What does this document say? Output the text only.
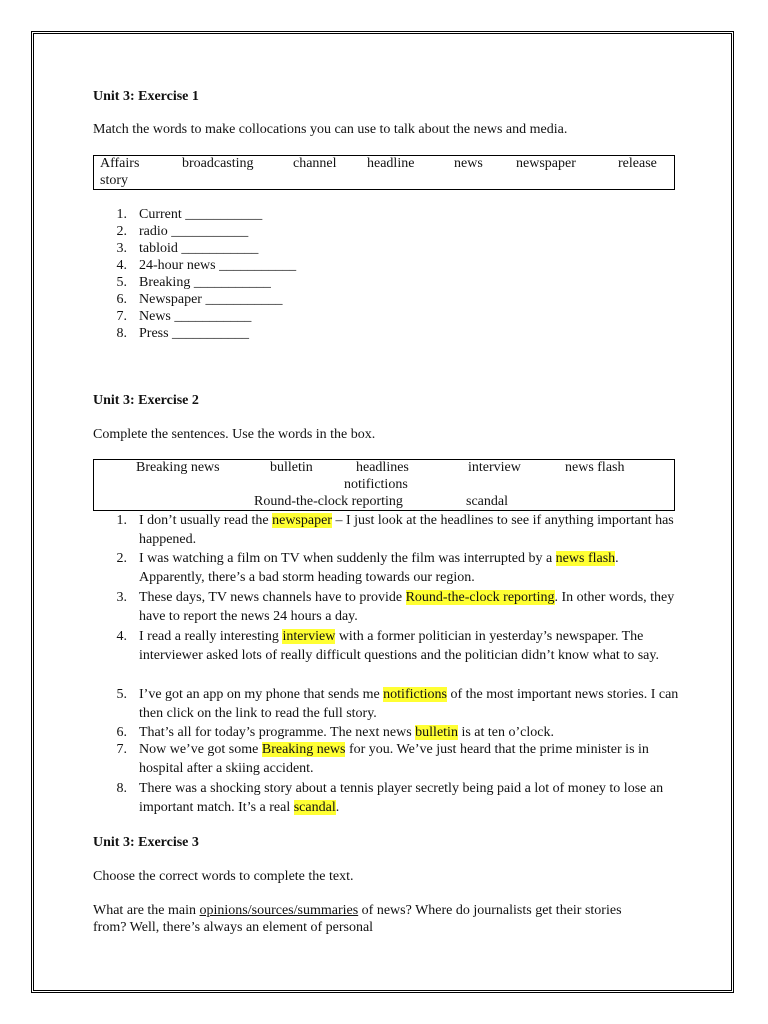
Unit 3: Exercise 1
Match the words to make collocations you can use to talk about the news and media.
Affairs	broadcasting	channel headline	news newspaper	release
story
1. Current ___________
2. radio ___________
3. tabloid ___________
4. 24-hour news ___________
5. Breaking ___________
6. Newspaper ___________
7. News ___________
8. Press ___________
Unit 3: Exercise 2
Complete the sentences. Use the words in the box.
Breaking news	bulletin	headlines	interview	news flash
notifictions
Round-the-clock reporting	scandal
1. I don’t usually read the newspaper – I just look at the headlines to see if anything important has happened.
2. I was watching a film on TV when suddenly the film was interrupted by a news flash. Apparently, there’s a bad storm heading towards our region.
3. These days, TV news channels have to provide Round-the-clock reporting. In other words, they have to report the news 24 hours a day.
4. I read a really interesting interview with a former politician in yesterday’s newspaper. The interviewer asked lots of really difficult questions and the politician didn’t know what to say.
5. I’ve got an app on my phone that sends me notifictions of the most important news stories. I can then click on the link to read the full story.
6. That’s all for today’s programme. The next news bulletin is at ten o’clock.
7. Now we’ve got some Breaking news for you. We’ve just heard that the prime minister is in hospital after a skiing accident.
8. There was a shocking story about a tennis player secretly being paid a lot of money to lose an important match. It’s a real scandal.
Unit 3: Exercise 3
Choose the correct words to complete the text.
What are the main opinions/sources/summaries of news? Where do journalists get their stories from? Well, there’s always an element of personal
